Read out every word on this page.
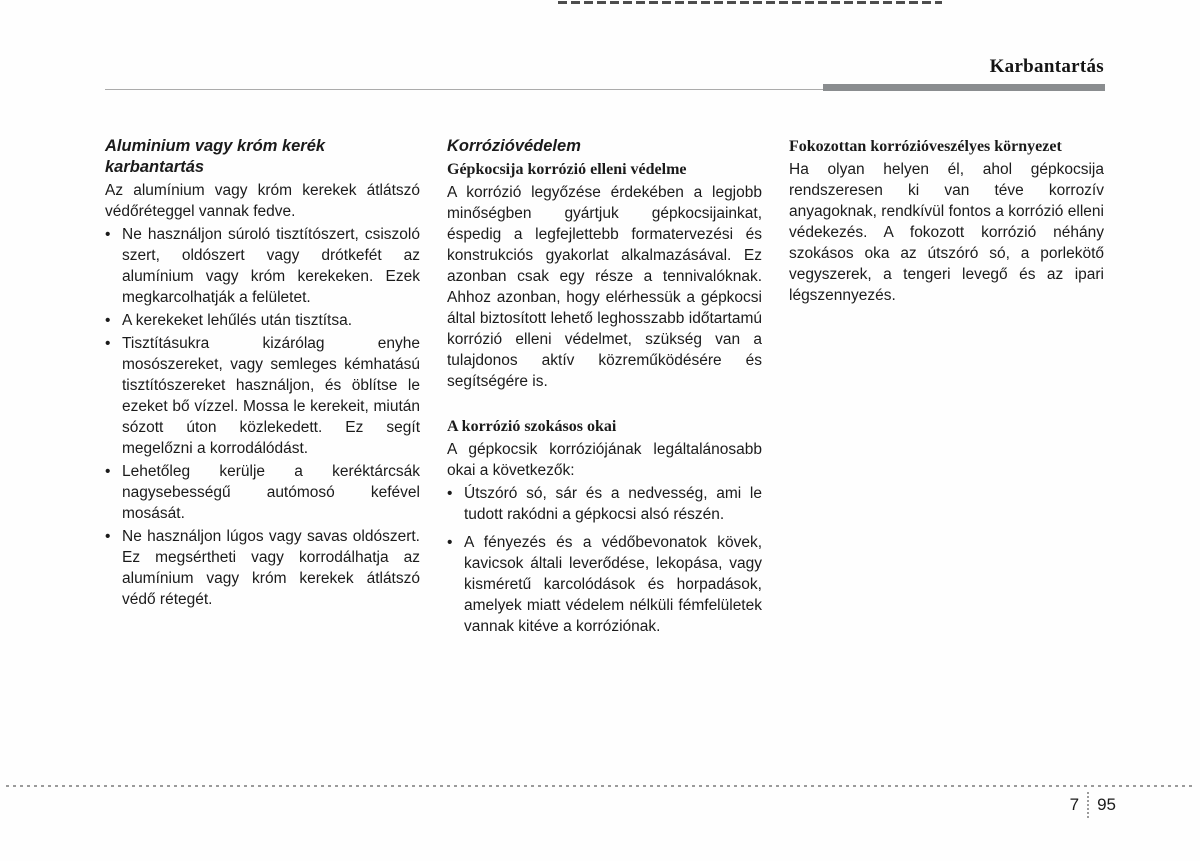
Karbantartás

Aluminium vagy króm kerék karbantartás

Az alumínium vagy króm kerekek átlátszó védőréteggel vannak fedve.

•
Ne használjon súroló tisztítószert, csiszoló szert, oldószert vagy drótkefét az alumínium vagy króm kerekeken. Ezek megkarcolhatják a felületet.
•
A kerekeket lehűlés után tisztítsa.
•
Tisztításukra kizárólag enyhe mosószereket, vagy semleges kémhatású tisztítószereket használjon, és öblítse le ezeket bő vízzel. Mossa le kerekeit, miután sózott úton közlekedett. Ez segít megelőzni a korrodálódást.
•
Lehetőleg kerülje a keréktárcsák nagysebességű autómosó kefével mosását.
•
Ne használjon lúgos vagy savas oldószert. Ez megsértheti vagy korrodálhatja az alumínium vagy króm kerekek átlátszó védő rétegét.

Korrózióvédelem

Gépkocsija korrózió elleni védelme

A korrózió legyőzése érdekében a legjobb minőségben gyártjuk gépkocsijainkat, éspedig a legfejlettebb formatervezési és konstrukciós gyakorlat alkalmazásával. Ez azonban csak egy része a tennivalóknak. Ahhoz azonban, hogy elérhessük a gépkocsi által biztosított lehető leghosszabb időtartamú korrózió elleni védelmet, szükség van a tulajdonos aktív közreműködésére és segítségére is.

A korrózió szokásos okai

A gépkocsik korróziójának legáltalánosabb okai a következők:

•
Útszóró só, sár és a nedvesség, ami le tudott rakódni a gépkocsi alsó részén.
•
A fényezés és a védőbevonatok kövek, kavicsok általi leverődése, lekopása, vagy kisméretű karcolódások és horpadások, amelyek miatt védelem nélküli fémfelületek vannak kitéve a korróziónak.

Fokozottan korrózióveszélyes környezet

Ha olyan helyen él, ahol gépkocsija rendszeresen ki van téve korrozív anyagoknak, rendkívül fontos a korrózió elleni védekezés. A fokozott korrózió néhány szokásos oka az útszóró só, a porlekötő vegyszerek, a tengeri levegő és az ipari légszennyezés.

7 95
